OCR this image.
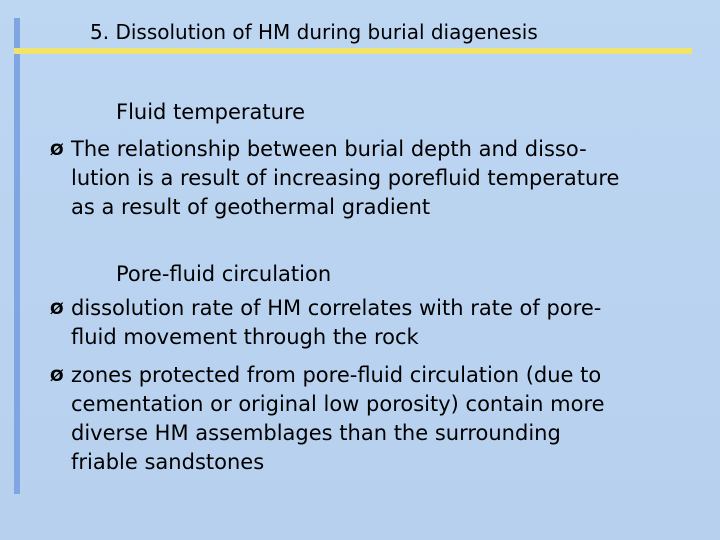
5. Dissolution of HM during burial diagenesis
Fluid temperature
Ø The relationship between burial depth and disso-
lution is a result of increasing porefluid temperature
as a result of geothermal gradient
Pore-fluid circulation
Ø dissolution rate of HM correlates with rate of pore-
fluid movement through the rock
Ø zones protected from pore-fluid circulation (due to
cementation or original low porosity) contain more
diverse HM assemblages than the surrounding
friable sandstones
